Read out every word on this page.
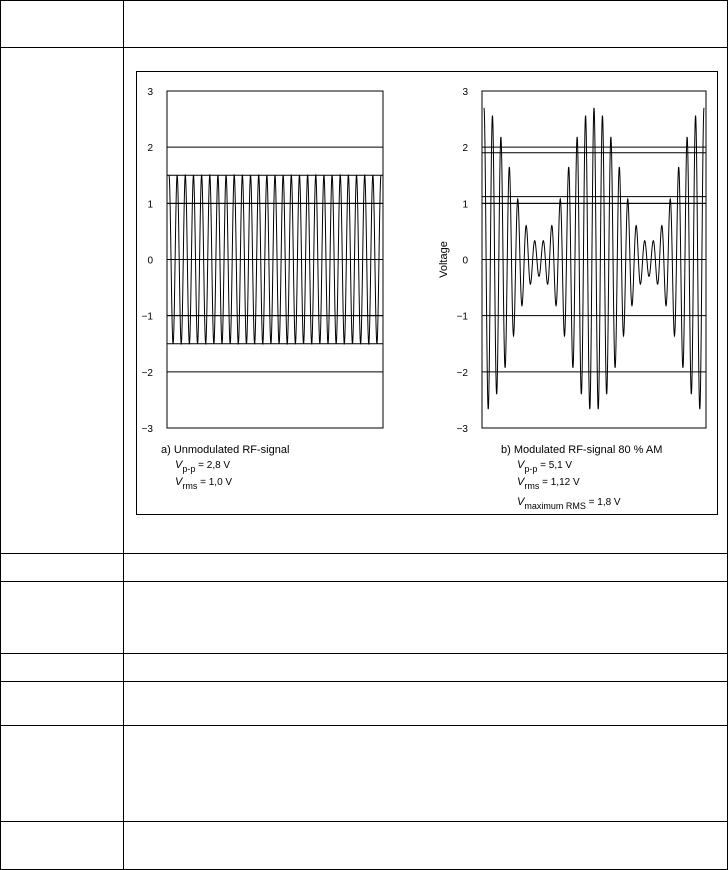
3
2
1
0
−1
−2
−3
a) Unmodulated RF-signal
Vp-p = 2,8 V
Vrms = 1,0 V
Voltage
3
2
1
0
−1
−2
−3
b) Modulated RF-signal 80 % AM
Vp-p = 5,1 V
Vrms = 1,12 V
Vmaximum RMS = 1,8 V
